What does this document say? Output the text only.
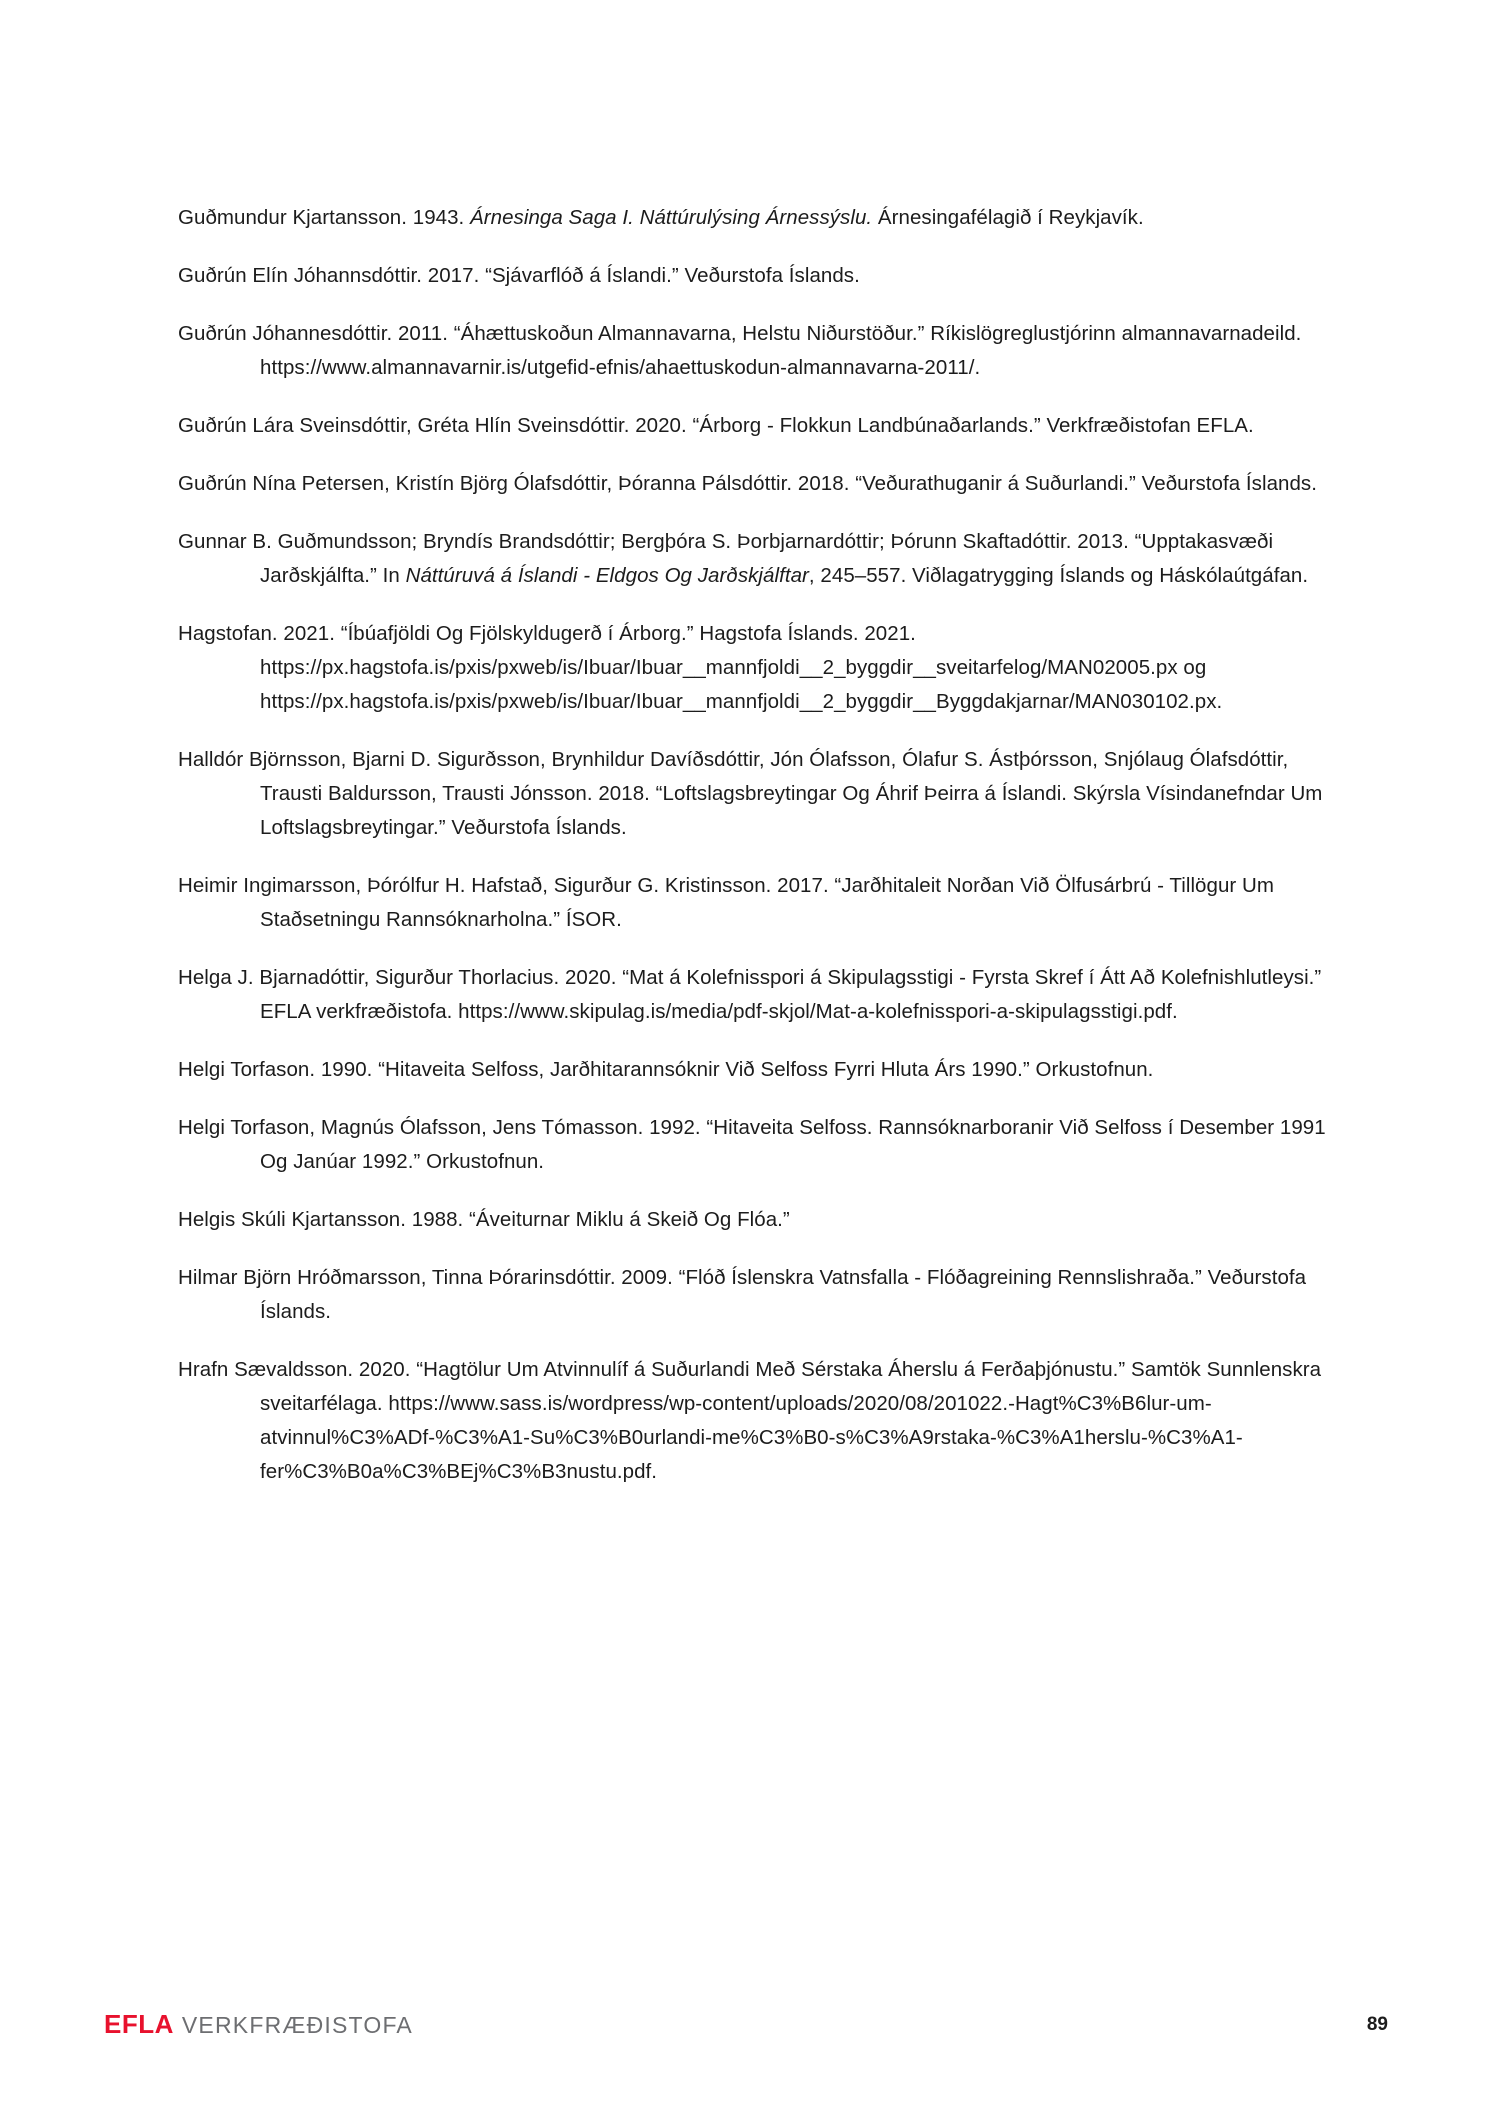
Guðmundur Kjartansson. 1943. Árnesinga Saga I. Náttúrulýsing Árnessýslu. Árnesingafélagið í Reykjavík.

Guðrún Elín Jóhannsdóttir. 2017. “Sjávarflóð á Íslandi.” Veðurstofa Íslands.

Guðrún Jóhannesdóttir. 2011. “Áhættuskoðun Almannavarna, Helstu Niðurstöður.” Ríkislögreglustjórinn almannavarnadeild. https://www.almannavarnir.is/utgefid-efnis/ahaettuskodun-almannavarna-2011/.

Guðrún Lára Sveinsdóttir, Gréta Hlín Sveinsdóttir. 2020. “Árborg - Flokkun Landbúnaðarlands.” Verkfræðistofan EFLA.

Guðrún Nína Petersen, Kristín Björg Ólafsdóttir, Þóranna Pálsdóttir. 2018. “Veðurathuganir á Suðurlandi.” Veðurstofa Íslands.

Gunnar B. Guðmundsson; Bryndís Brandsdóttir; Bergþóra S. Þorbjarnardóttir; Þórunn Skaftadóttir. 2013. “Upptakasvæði Jarðskjálfta.” In Náttúruvá á Íslandi - Eldgos Og Jarðskjálftar, 245–557. Viðlagatrygging Íslands og Háskólaútgáfan.

Hagstofan. 2021. “Íbúafjöldi Og Fjölskyldugerð í Árborg.” Hagstofa Íslands. 2021. https://px.hagstofa.is/pxis/pxweb/is/Ibuar/Ibuar__mannfjoldi__2_byggdir__sveitarfelog/MAN02005.px og https://px.hagstofa.is/pxis/pxweb/is/Ibuar/Ibuar__mannfjoldi__2_byggdir__Byggdakjarnar/MAN030102.px.

Halldór Björnsson, Bjarni D. Sigurðsson, Brynhildur Davíðsdóttir, Jón Ólafsson, Ólafur S. Ástþórsson, Snjólaug Ólafsdóttir, Trausti Baldursson, Trausti Jónsson. 2018. “Loftslagsbreytingar Og Áhrif Þeirra á Íslandi. Skýrsla Vísindanefndar Um Loftslagsbreytingar.” Veðurstofa Íslands.

Heimir Ingimarsson, Þórólfur H. Hafstað, Sigurður G. Kristinsson. 2017. “Jarðhitaleit Norðan Við Ölfusárbrú - Tillögur Um Staðsetningu Rannsóknarholna.” ÍSOR.

Helga J. Bjarnadóttir, Sigurður Thorlacius. 2020. “Mat á Kolefnisspori á Skipulagsstigi - Fyrsta Skref í Átt Að Kolefnishlutleysi.” EFLA verkfræðistofa. https://www.skipulag.is/media/pdf-skjol/Mat-a-kolefnisspori-a-skipulagsstigi.pdf.

Helgi Torfason. 1990. “Hitaveita Selfoss, Jarðhitarannsóknir Við Selfoss Fyrri Hluta Árs 1990.” Orkustofnun.

Helgi Torfason, Magnús Ólafsson, Jens Tómasson. 1992. “Hitaveita Selfoss. Rannsóknarboranir Við Selfoss í Desember 1991 Og Janúar 1992.” Orkustofnun.

Helgis Skúli Kjartansson. 1988. “Áveiturnar Miklu á Skeið Og Flóa.”

Hilmar Björn Hróðmarsson, Tinna Þórarinsdóttir. 2009. “Flóð Íslenskra Vatnsfalla - Flóðagreining Rennslishraða.” Veðurstofa Íslands.

Hrafn Sævaldsson. 2020. “Hagtölur Um Atvinnulíf á Suðurlandi Með Sérstaka Áherslu á Ferðaþjónustu.” Samtök Sunnlenskra sveitarfélaga. https://www.sass.is/wordpress/wp-content/uploads/2020/08/201022.-Hagt%C3%B6lur-um-atvinnul%C3%ADf-%C3%A1-Su%C3%B0urlandi-me%C3%B0-s%C3%A9rstaka-%C3%A1herslu-%C3%A1-fer%C3%B0a%C3%BEj%C3%B3nustu.pdf.

EFLA VERKFRÆÐISTOFA	89
